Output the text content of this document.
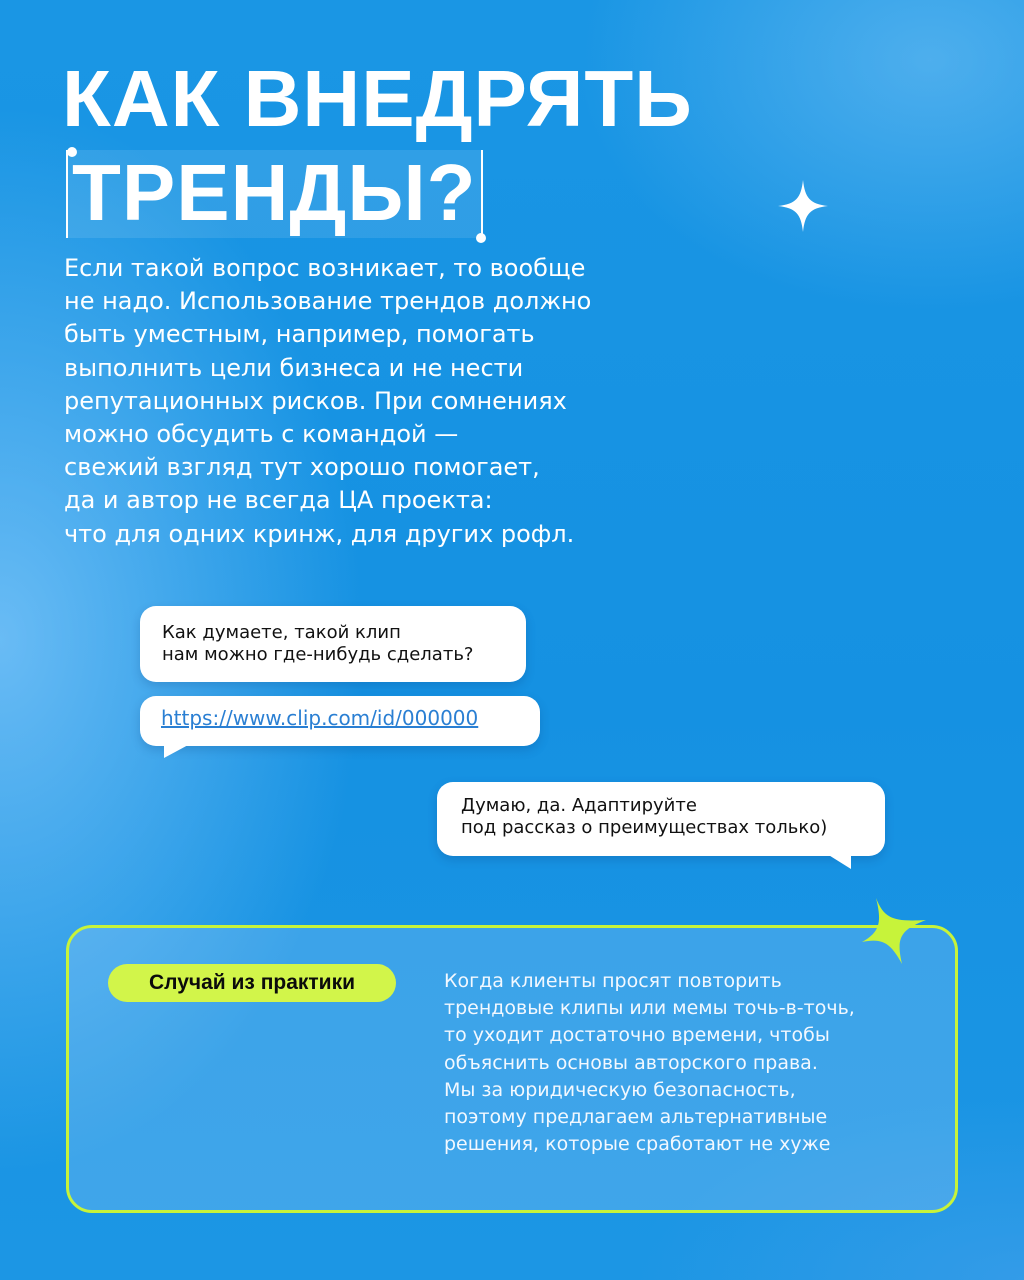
КАК ВНЕДРЯТЬ
ТРЕНДЫ?

Если такой вопрос возникает, то вообще
не надо. Использование трендов должно
быть уместным, например, помогать
выполнить цели бизнеса и не нести
репутационных рисков. При сомнениях
можно обсудить с командой —
свежий взгляд тут хорошо помогает,
да и автор не всегда ЦА проекта:
что для одних кринж, для других рофл.

Как думаете, такой клип
нам можно где-нибудь сделать?
https://www.clip.com/id/000000
Думаю, да. Адаптируйте
под рассказ о преимуществах только)
Случай из практики	Когда клиенты просят повторить
трендовые клипы или мемы точь-в-точь,
то уходит достаточно времени, чтобы
объяснить основы авторского права.
Мы за юридическую безопасность,
поэтому предлагаем альтернативные
решения, которые сработают не хуже
